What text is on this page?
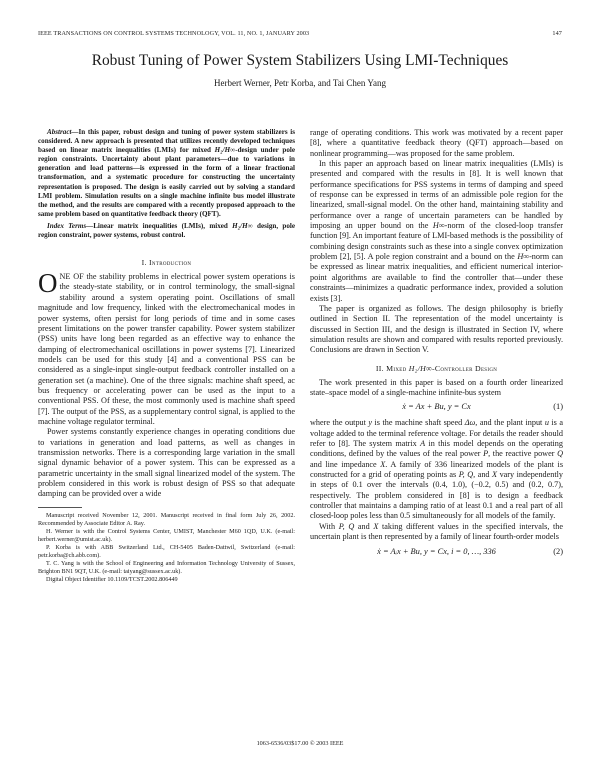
IEEE TRANSACTIONS ON CONTROL SYSTEMS TECHNOLOGY, VOL. 11, NO. 1, JANUARY 2003	147
Robust Tuning of Power System Stabilizers Using LMI-Techniques
Herbert Werner, Petr Korba, and Tai Chen Yang

Abstract—In this paper, robust design and tuning of power system stabilizers is considered. A new approach is presented that utilizes recently developed techniques based on linear matrix inequalities (LMIs) for mixed H₂/H∞-design under pole region constraints. Uncertainty about plant parameters—due to variations in generation and load patterns—is expressed in the form of a linear fractional transformation, and a systematic procedure for constructing the uncertainty representation is proposed. The design is easily carried out by solving a standard LMI problem. Simulation results on a single machine infinite bus model illustrate the method, and the results are compared with a recently proposed approach to the same problem based on quantitative feedback theory (QFT).

Index Terms—Linear matrix inequalities (LMIs), mixed H₂/H∞ design, pole region constraint, power systems, robust control.

I. Introduction

ONE OF the stability problems in electrical power system operations is the steady-state stability, or in control terminology, the small-signal stability around a system operating point. Oscillations of small magnitude and low frequency, linked with the electromechanical modes in power systems, often persist for long periods of time and in some cases present limitations on the power transfer capability. Power system stabilizer (PSS) units have long been regarded as an effective way to enhance the damping of electromechanical oscillations in power systems [7]. Linearized models can be used for this study [4] and a conventional PSS can be considered as a single-input single-output feedback controller installed on a generation set (a machine). One of the three signals: machine shaft speed, ac bus frequency or accelerating power can be used as the input to a conventional PSS. Of these, the most commonly used is machine shaft speed [7]. The output of the PSS, as a supplementary control signal, is applied to the machine voltage regulator terminal.

Power systems constantly experience changes in operating conditions due to variations in generation and load patterns, as well as changes in transmission networks. There is a corresponding large variation in the small signal dynamic behavior of a power system. This can be expressed as a parametric uncertainty in the small signal linearized model of the system. The problem considered in this work is robust design of PSS so that adequate damping can be provided over a wide

Manuscript received November 12, 2001. Manuscript received in final form July 26, 2002. Recommended by Associate Editor A. Ray.

H. Werner is with the Control Systems Center, UMIST, Manchester M60 1QD, U.K. (e-mail: herbert.werner@umist.ac.uk).

P. Korba is with ABB Switzerland Ltd., CH-5405 Baden-Dattwil, Switzerland (e-mail: petr.korba@ch.abb.com).

T. C. Yang is with the School of Engineering and Information Technology University of Sussex, Brighton BN1 9QT, U.K. (e-mail: taiyang@sussex.ac.uk).

Digital Object Identifier 10.1109/TCST.2002.806449

range of operating conditions. This work was motivated by a recent paper [8], where a quantitative feedback theory (QFT) approach—based on nonlinear programming—was proposed for the same problem.

In this paper an approach based on linear matrix inequalities (LMIs) is presented and compared with the results in [8]. It is well known that performance specifications for PSS systems in terms of damping and speed of response can be expressed in terms of an admissible pole region for the linearized, small-signal model. On the other hand, maintaining stability and performance over a range of uncertain parameters can be handled by imposing an upper bound on the H∞-norm of the closed-loop transfer function [9]. An important feature of LMI-based methods is the possibility of combining design constraints such as these into a single convex optimization problem [2], [5]. A pole region constraint and a bound on the H∞-norm can be expressed as linear matrix inequalities, and efficient numerical interior-point algorithms are available to find the controller that—under these constraints—minimizes a quadratic performance index, provided a solution exists [3].

The paper is organized as follows. The design philosophy is briefly outlined in Section II. The representation of the model uncertainty is discussed in Section III, and the design is illustrated in Section IV, where simulation results are shown and compared with results reported previously. Conclusions are drawn in Section V.

II. Mixed H₂/H∞-Controller Design

The work presented in this paper is based on a fourth order linearized state–space model of a single-machine infinite-bus system

ẋ = Ax + Bu, y = Cx	(1)

where the output y is the machine shaft speed Δω, and the plant input u is a voltage added to the terminal reference voltage. For details the reader should refer to [8]. The system matrix A in this model depends on the operating conditions, defined by the values of the real power P, the reactive power Q and line impedance X. A family of 336 linearized models of the plant is constructed for a grid of operating points as P, Q, and X vary independently in steps of 0.1 over the intervals (0.4, 1.0), (−0.2, 0.5) and (0.2, 0.7), respectively. The problem considered in [8] is to design a feedback controller that maintains a damping ratio of at least 0.1 and a real part of all closed-loop poles less than 0.5 simultaneously for all models of the family.

With P, Q and X taking different values in the specified intervals, the uncertain plant is then represented by a family of linear fourth-order models

ẋ = Aᵢx + Bu, y = Cx, i = 0, …, 336	(2)
1063-6536/03$17.00 © 2003 IEEE
